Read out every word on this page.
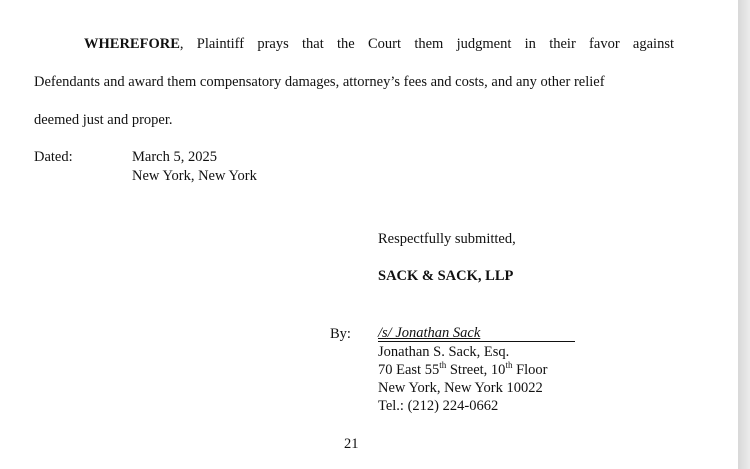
WHEREFORE, Plaintiff prays that the Court them judgment in their favor against
Defendants and award them compensatory damages, attorney’s fees and costs, and any other relief
deemed just and proper.
Dated:	March 5, 2025
New York, New York
Respectfully submitted,
SACK & SACK, LLP
By: /s/ Jonathan Sack
Jonathan S. Sack, Esq.
70 East 55th Street, 10th Floor
New York, New York 10022
Tel.: (212) 224-0662
21
